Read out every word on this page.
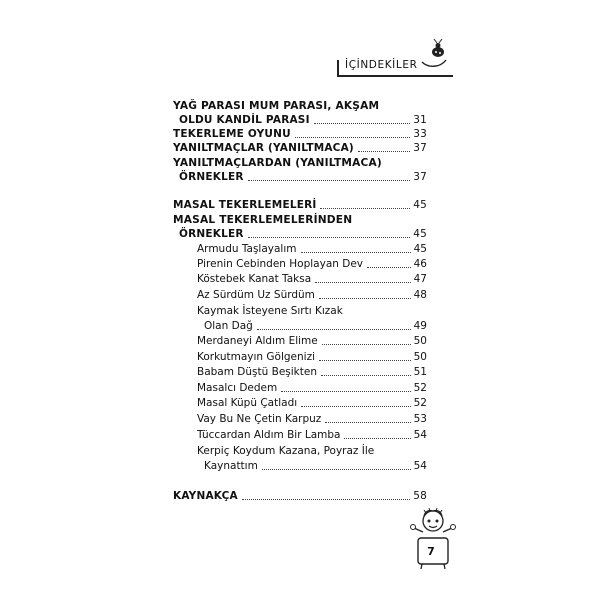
İÇİNDEKİLER
YAĞ PARASI MUM PARASI, AKŞAM
OLDU KANDİL PARASI	31
TEKERLEME OYUNU	33
YANILTMAÇLAR (YANILTMACA)	37
YANILTMAÇLARDAN (YANILTMACA)
ÖRNEKLER	37
MASAL TEKERLEMELERİ	45
MASAL TEKERLEMELERİNDEN
ÖRNEKLER	45
Armudu Taşlayalım	45
Pirenin Cebinden Hoplayan Dev	46
Köstebek Kanat Taksa	47
Az Sürdüm Uz Sürdüm	48
Kaymak İsteyene Sırtı Kızak
Olan Dağ	49
Merdaneyi Aldım Elime	50
Korkutmayın Gölgenizi	50
Babam Düştü Beşikten	51
Masalcı Dedem	52
Masal Küpü Çatladı	52
Vay Bu Ne Çetin Karpuz	53
Tüccardan Aldım Bir Lamba	54
Kerpiç Koydum Kazana, Poyraz İle
Kaynattım	54
KAYNAKÇA	58
7
